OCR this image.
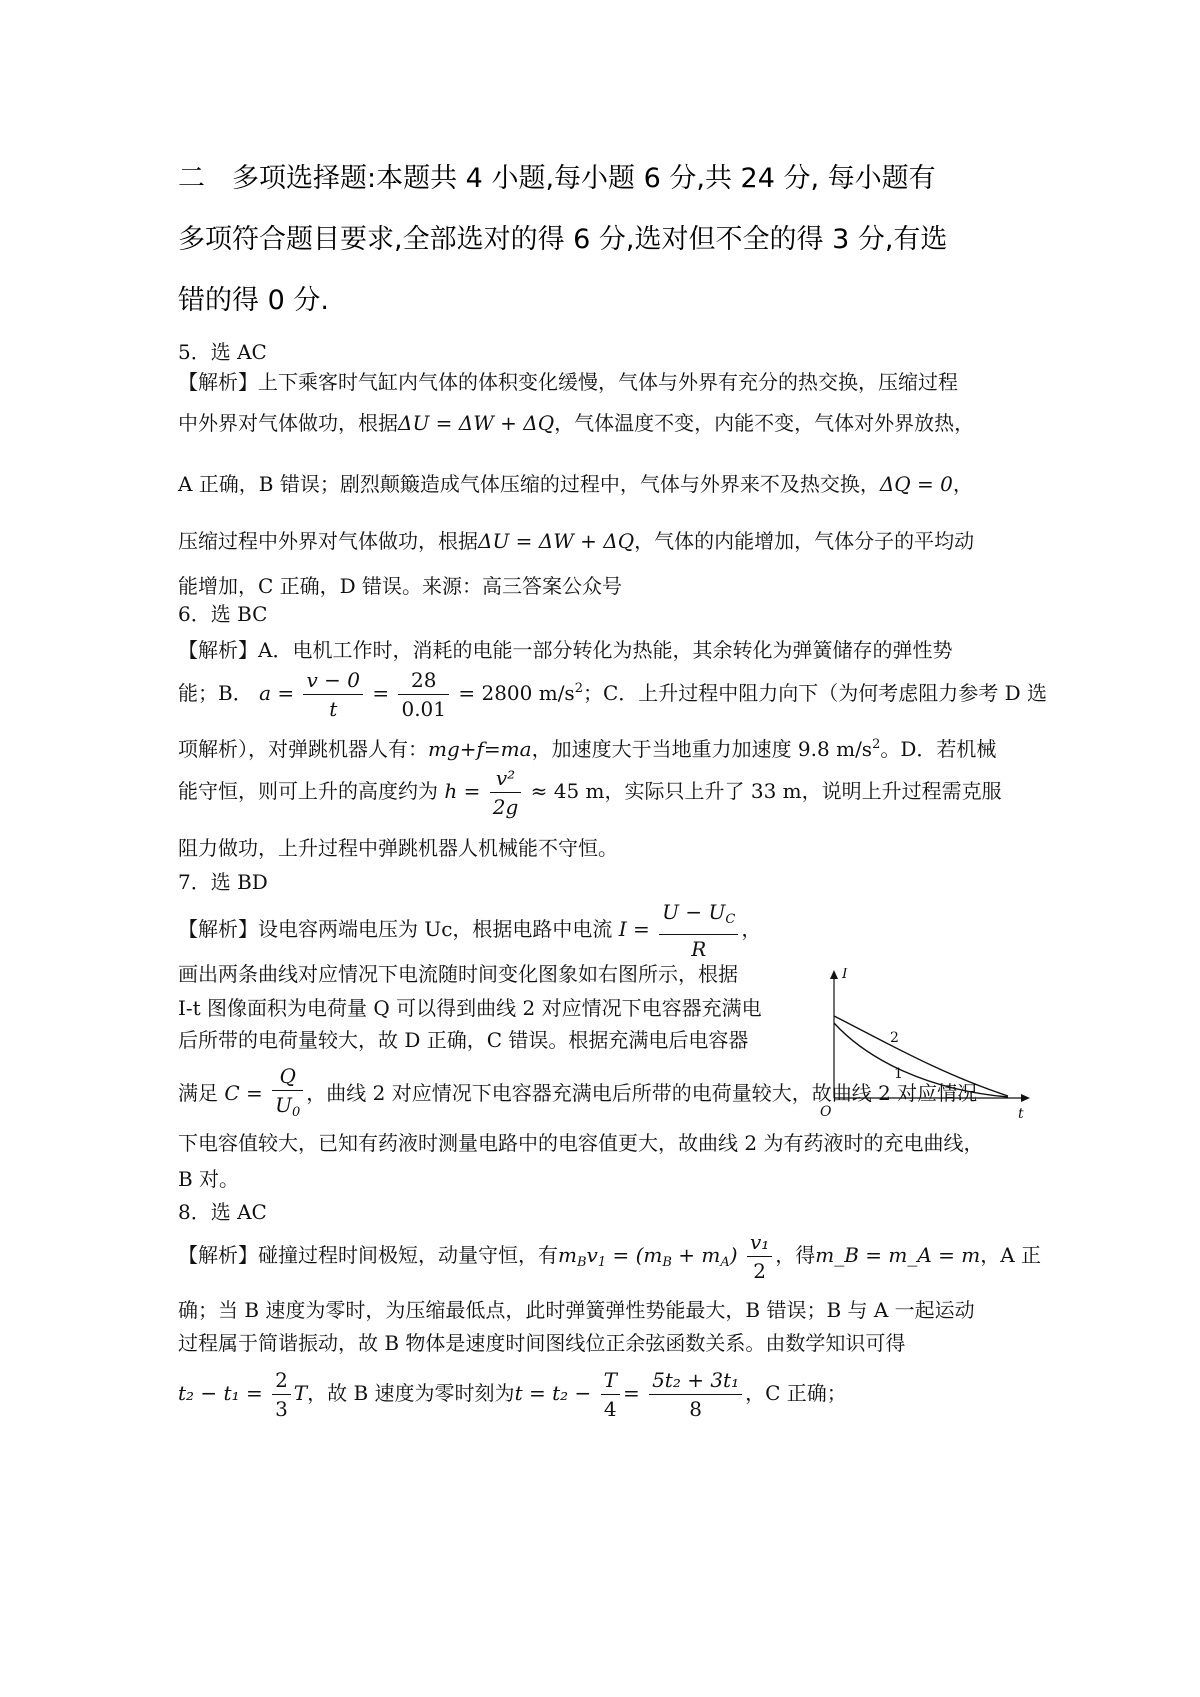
二　多项选择题:本题共 4 小题,每小题 6 分,共 24 分, 每小题有
多项符合题目要求,全部选对的得 6 分,选对但不全的得 3 分,有选
错的得 0 分.
5．选 AC
【解析】上下乘客时气缸内气体的体积变化缓慢，气体与外界有充分的热交换，压缩过程
中外界对气体做功，根据ΔU = ΔW + ΔQ，气体温度不变，内能不变，气体对外界放热，
A 正确，B 错误；剧烈颠簸造成气体压缩的过程中，气体与外界来不及热交换，ΔQ = 0，
压缩过程中外界对气体做功，根据ΔU = ΔW + ΔQ，气体的内能增加，气体分子的平均动
能增加，C 正确，D 错误。来源：高三答案公众号
6．选 BC
【解析】A．电机工作时，消耗的电能一部分转化为热能，其余转化为弹簧储存的弹性势
能；B． $a = \frac{v - 0}{t} = \frac{28}{0.01} = 2800$ $m/s^2$；C．上升过程中阻力向下（为何考虑阻力参考 D 选
项解析），对弹跳机器人有：mg+f=ma，加速度大于当地重力加速度 9.8 $m/s^2$。D．若机械
能守恒，则可上升的高度约为 $h = \frac{\text{v²}}{2g} \approx 45$ m，实际只上升了 33 m，说明上升过程需克服
阻力做功，上升过程中弹跳机器人机械能不守恒。
7．选 BD
【解析】设电容两端电压为 Uc，根据电路中电流 $I = \frac{U - U_C}{R}$ ，
画出两条曲线对应情况下电流随时间变化图象如右图所示，根据
I-t 图像面积为电荷量 Q 可以得到曲线 2 对应情况下电容器充满电
后所带的电荷量较大，故 D 正确，C 错误。根据充满电后电容器
I
t
O
2
1
满足 $C = \frac{Q}{U_0}$ ，曲线 2 对应情况下电容器充满电后所带的电荷量较大，故曲线 2 对应情况
下电容值较大，已知有药液时测量电路中的电容值更大，故曲线 2 为有药液时的充电曲线，
B 对。
8．选 AC
【解析】碰撞过程时间极短，动量守恒，有$m_Bv_1 = (m_B + m_A) \frac{\text{v₁}}{2}$ ，得m_B = m_A = m，A 正
确；当 B 速度为零时，为压缩最低点，此时弹簧弹性势能最大，B 错误；B 与 A 一起运动
过程属于简谐振动，故 B 物体是速度时间图线位正余弦函数关系。由数学知识可得
$t_2 - t_1 = \frac{2}{3}$ T，故 B 速度为零时刻为$t = t_2 - \frac{T}{4} = \frac{\text{5t₂ + 3t₁}}{8}$ ，C 正确；
